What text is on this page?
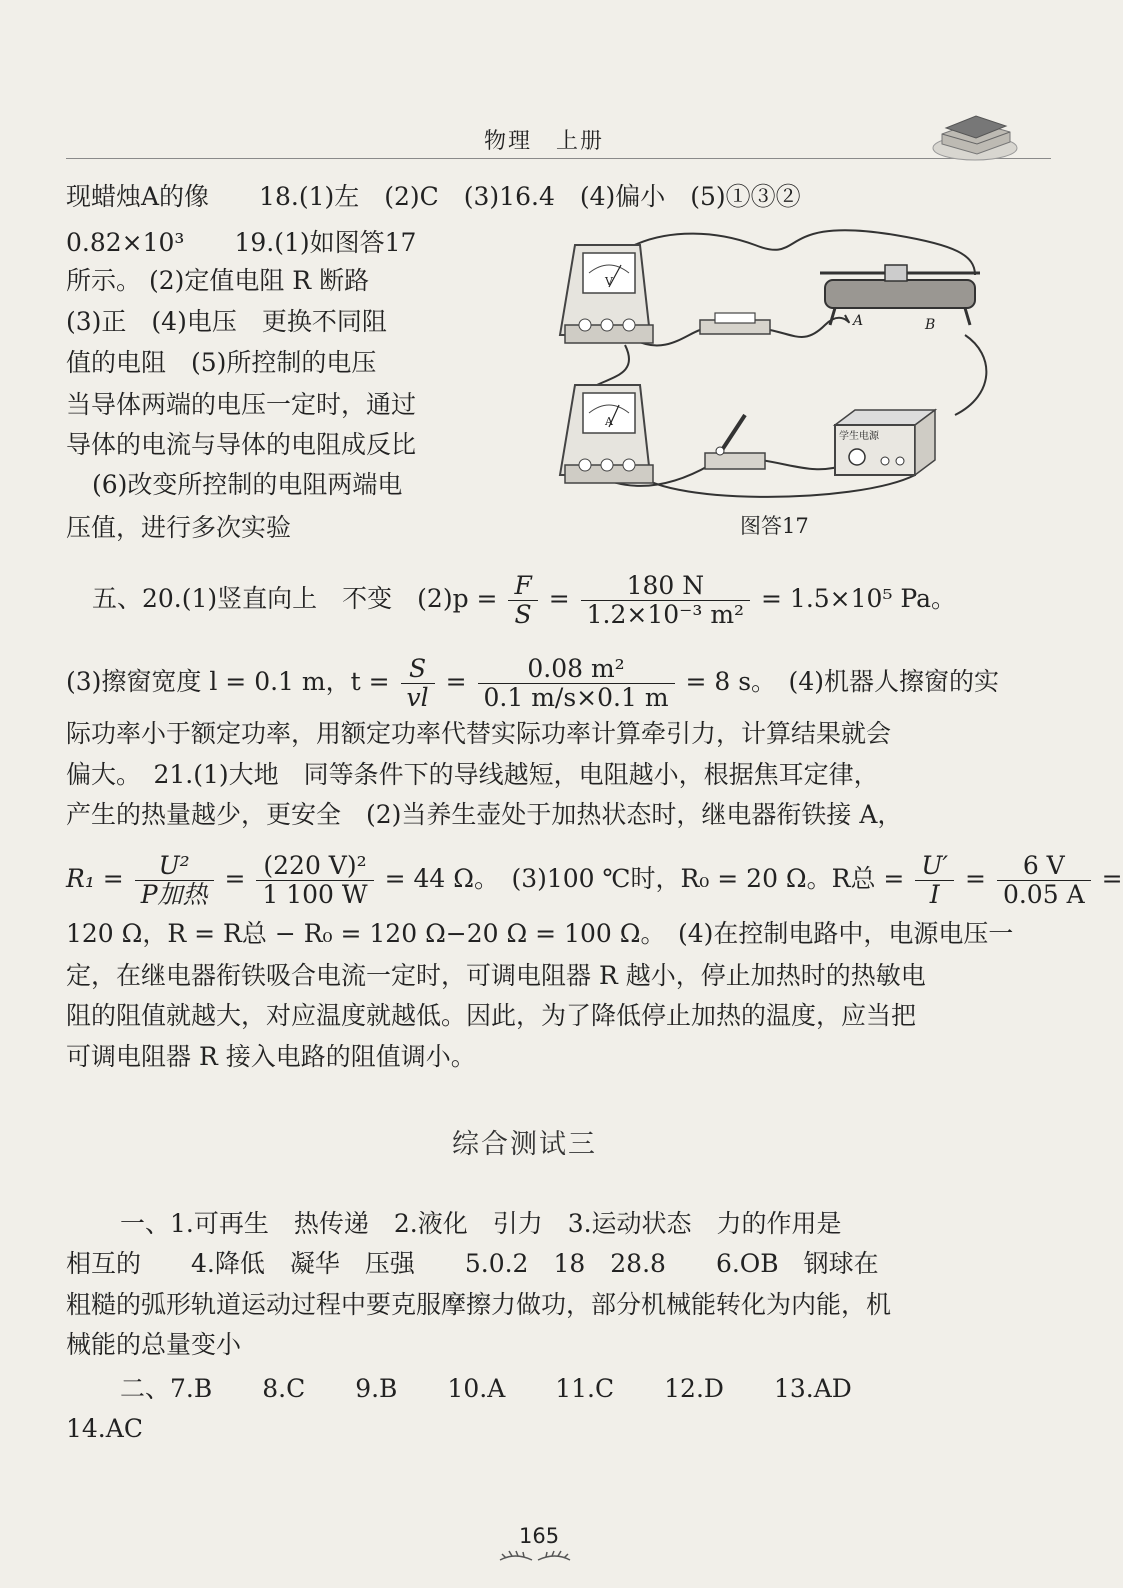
物理　上册
现蜡烛A的像　　18.(1)左　(2)C　(3)16.4　(4)偏小　(5)①③②
0.82×10³　　19.(1)如图答17
所示。 (2)定值电阻 R 断路
(3)正　(4)电压　更换不同阻
值的电阻　(5)所控制的电压
当导体两端的电压一定时，通过
导体的电流与导体的电阻成反比
(6)改变所控制的电阻两端电
压值，进行多次实验
V
A	B
A
学生电源
图答17
五、20.(1)竖直向上　不变　$(2)p = \frac{F}{S} = \frac{180 N}{\text{1.2×10⁻³ m²}} = 1.5\times 10^5$ Pa。
(3)擦窗宽度 l = 0.1 m，$t = \frac{S}{vl} = \frac{\text{0.08 m²}}{0.1 m/s\times 0.1 m} = 8$ s。　(4)机器人擦窗的实
际功率小于额定功率，用额定功率代替实际功率计算牵引力，计算结果就会
偏大。　21.(1)大地　同等条件下的导线越短，电阻越小，根据焦耳定律，
产生的热量越少，更安全　(2)当养生壶处于加热状态时，继电器衔铁接 A，
$R_1 = \frac{\text{U²}}{\text{P加热}} = \frac{\text{(220 V)²}}{1 100 W} = 44$ Ω。　(3)100 ℃时，R₀ = 20 Ω。R总 = $\frac{U'}{I} = \frac{6 V}{0.05 A}$ =
120 Ω，R = R总 − R₀ = 120 Ω−20 Ω = 100 Ω。　(4)在控制电路中，电源电压一
定，在继电器衔铁吸合电流一定时，可调电阻器 R 越小，停止加热时的热敏电
阻的阻值就越大，对应温度就越低。因此，为了降低停止加热的温度，应当把
可调电阻器 R 接入电路的阻值调小。
综合测试三
一、1.可再生　热传递　2.液化　引力　3.运动状态　力的作用是
相互的　　4.降低　凝华　压强　　5.0.2　18　28.8　　6.OB　钢球在
粗糙的弧形轨道运动过程中要克服摩擦力做功，部分机械能转化为内能，机
械能的总量变小
二、7.B　　8.C　　9.B　　10.A　　11.C　　12.D　　13.AD
14.AC
165
